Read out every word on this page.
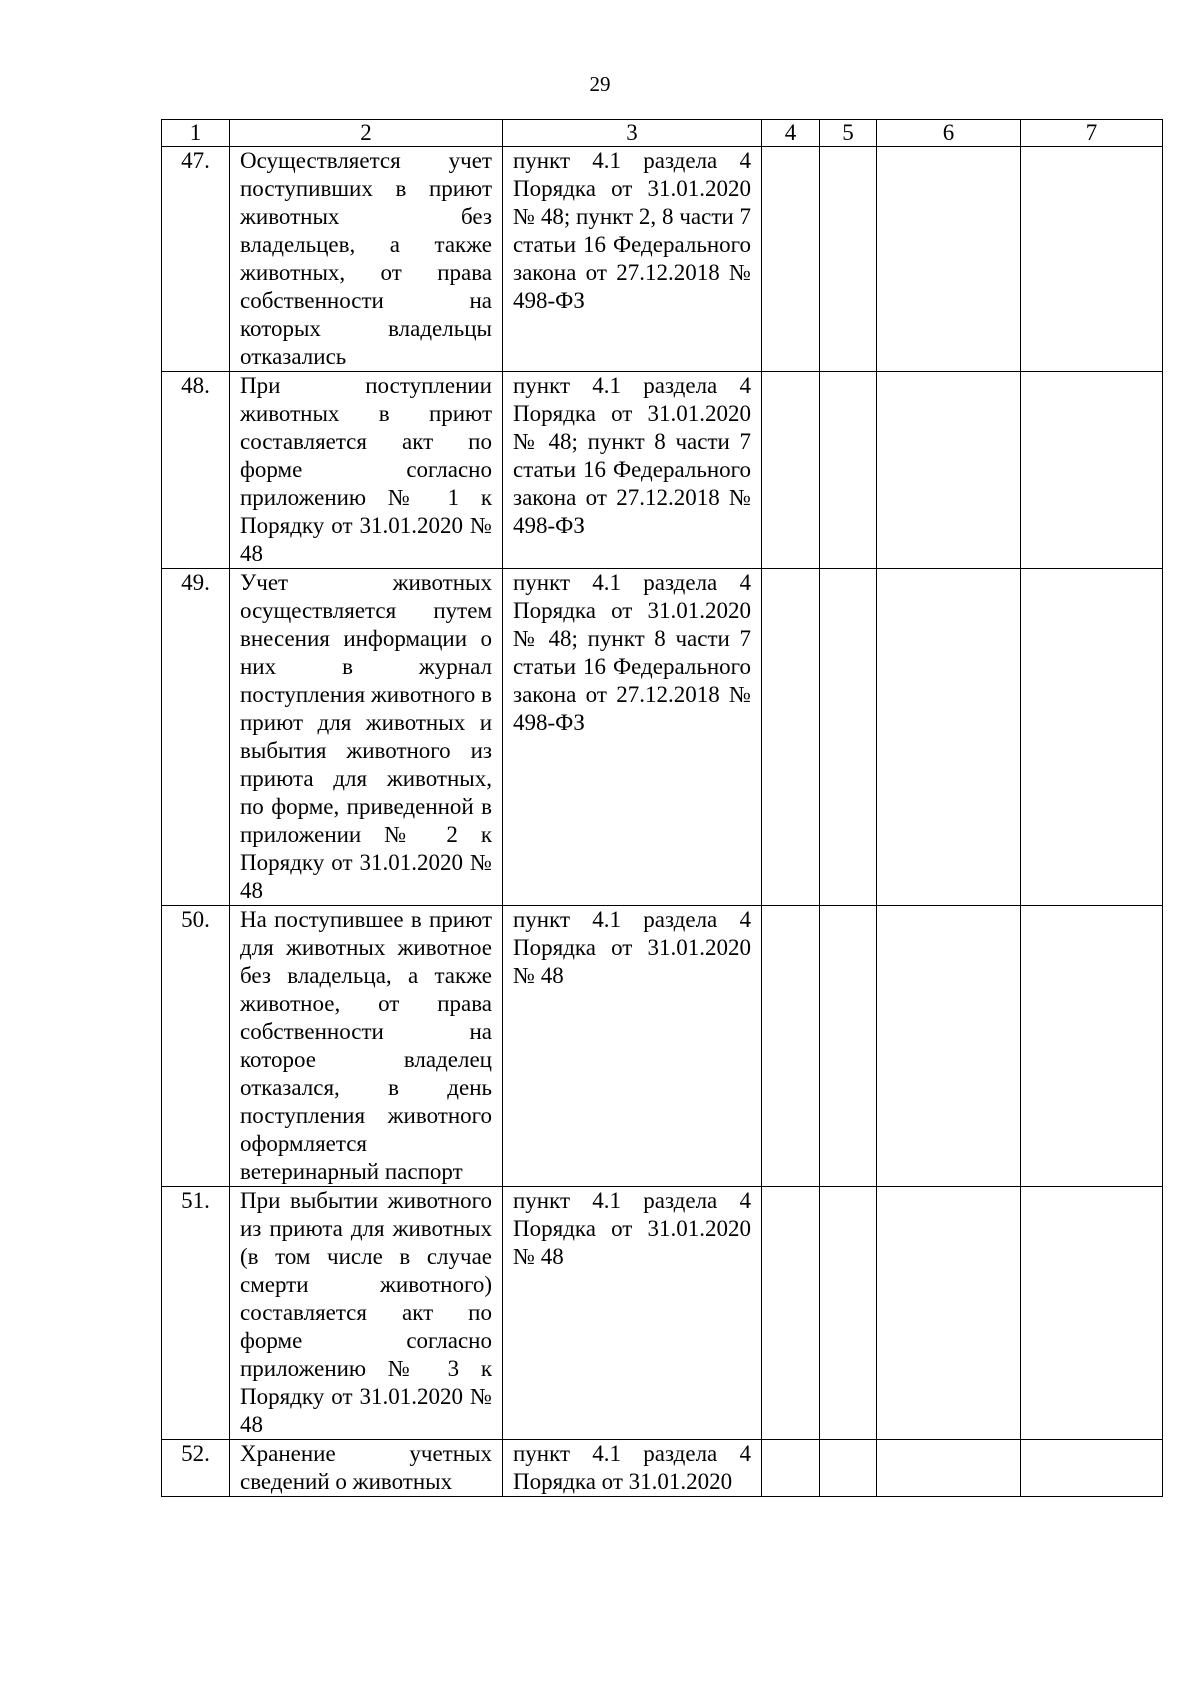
29
1	2	3	4	5	6	7
47.	Осуществляется учет поступивших в приют животных без владельцев, а также животных, от права собственности на которых владельцы отказались	пункт 4.1 раздела 4 Порядка от 31.01.2020 № 48; пункт 2, 8 части 7 статьи 16 Федерального закона от 27.12.2018 № 498-ФЗ				
48.	При поступлении животных в приют составляется акт по форме согласно приложению № 1 к Порядку от 31.01.2020 № 48	пункт 4.1 раздела 4 Порядка от 31.01.2020 № 48; пункт 8 части 7 статьи 16 Федерального закона от 27.12.2018 № 498-ФЗ				
49.	Учет животных осуществляется путем внесения информации о них в журнал поступления животного в приют для животных и выбытия животного из приюта для животных, по форме, приведенной в приложении № 2 к Порядку от 31.01.2020 № 48	пункт 4.1 раздела 4 Порядка от 31.01.2020 № 48; пункт 8 части 7 статьи 16 Федерального закона от 27.12.2018 № 498-ФЗ				
50.	На поступившее в приют для животных животное без владельца, а также животное, от права собственности на которое владелец отказался, в день поступления животного оформляется ветеринарный паспорт	пункт 4.1 раздела 4 Порядка от 31.01.2020 № 48				
51.	При выбытии животного из приюта для животных (в том числе в случае смерти животного) составляется акт по форме согласно приложению № 3 к Порядку от 31.01.2020 № 48	пункт 4.1 раздела 4 Порядка от 31.01.2020 № 48				
52.	Хранение учетных сведений о животных	пункт 4.1 раздела 4 Порядка от 31.01.2020				
